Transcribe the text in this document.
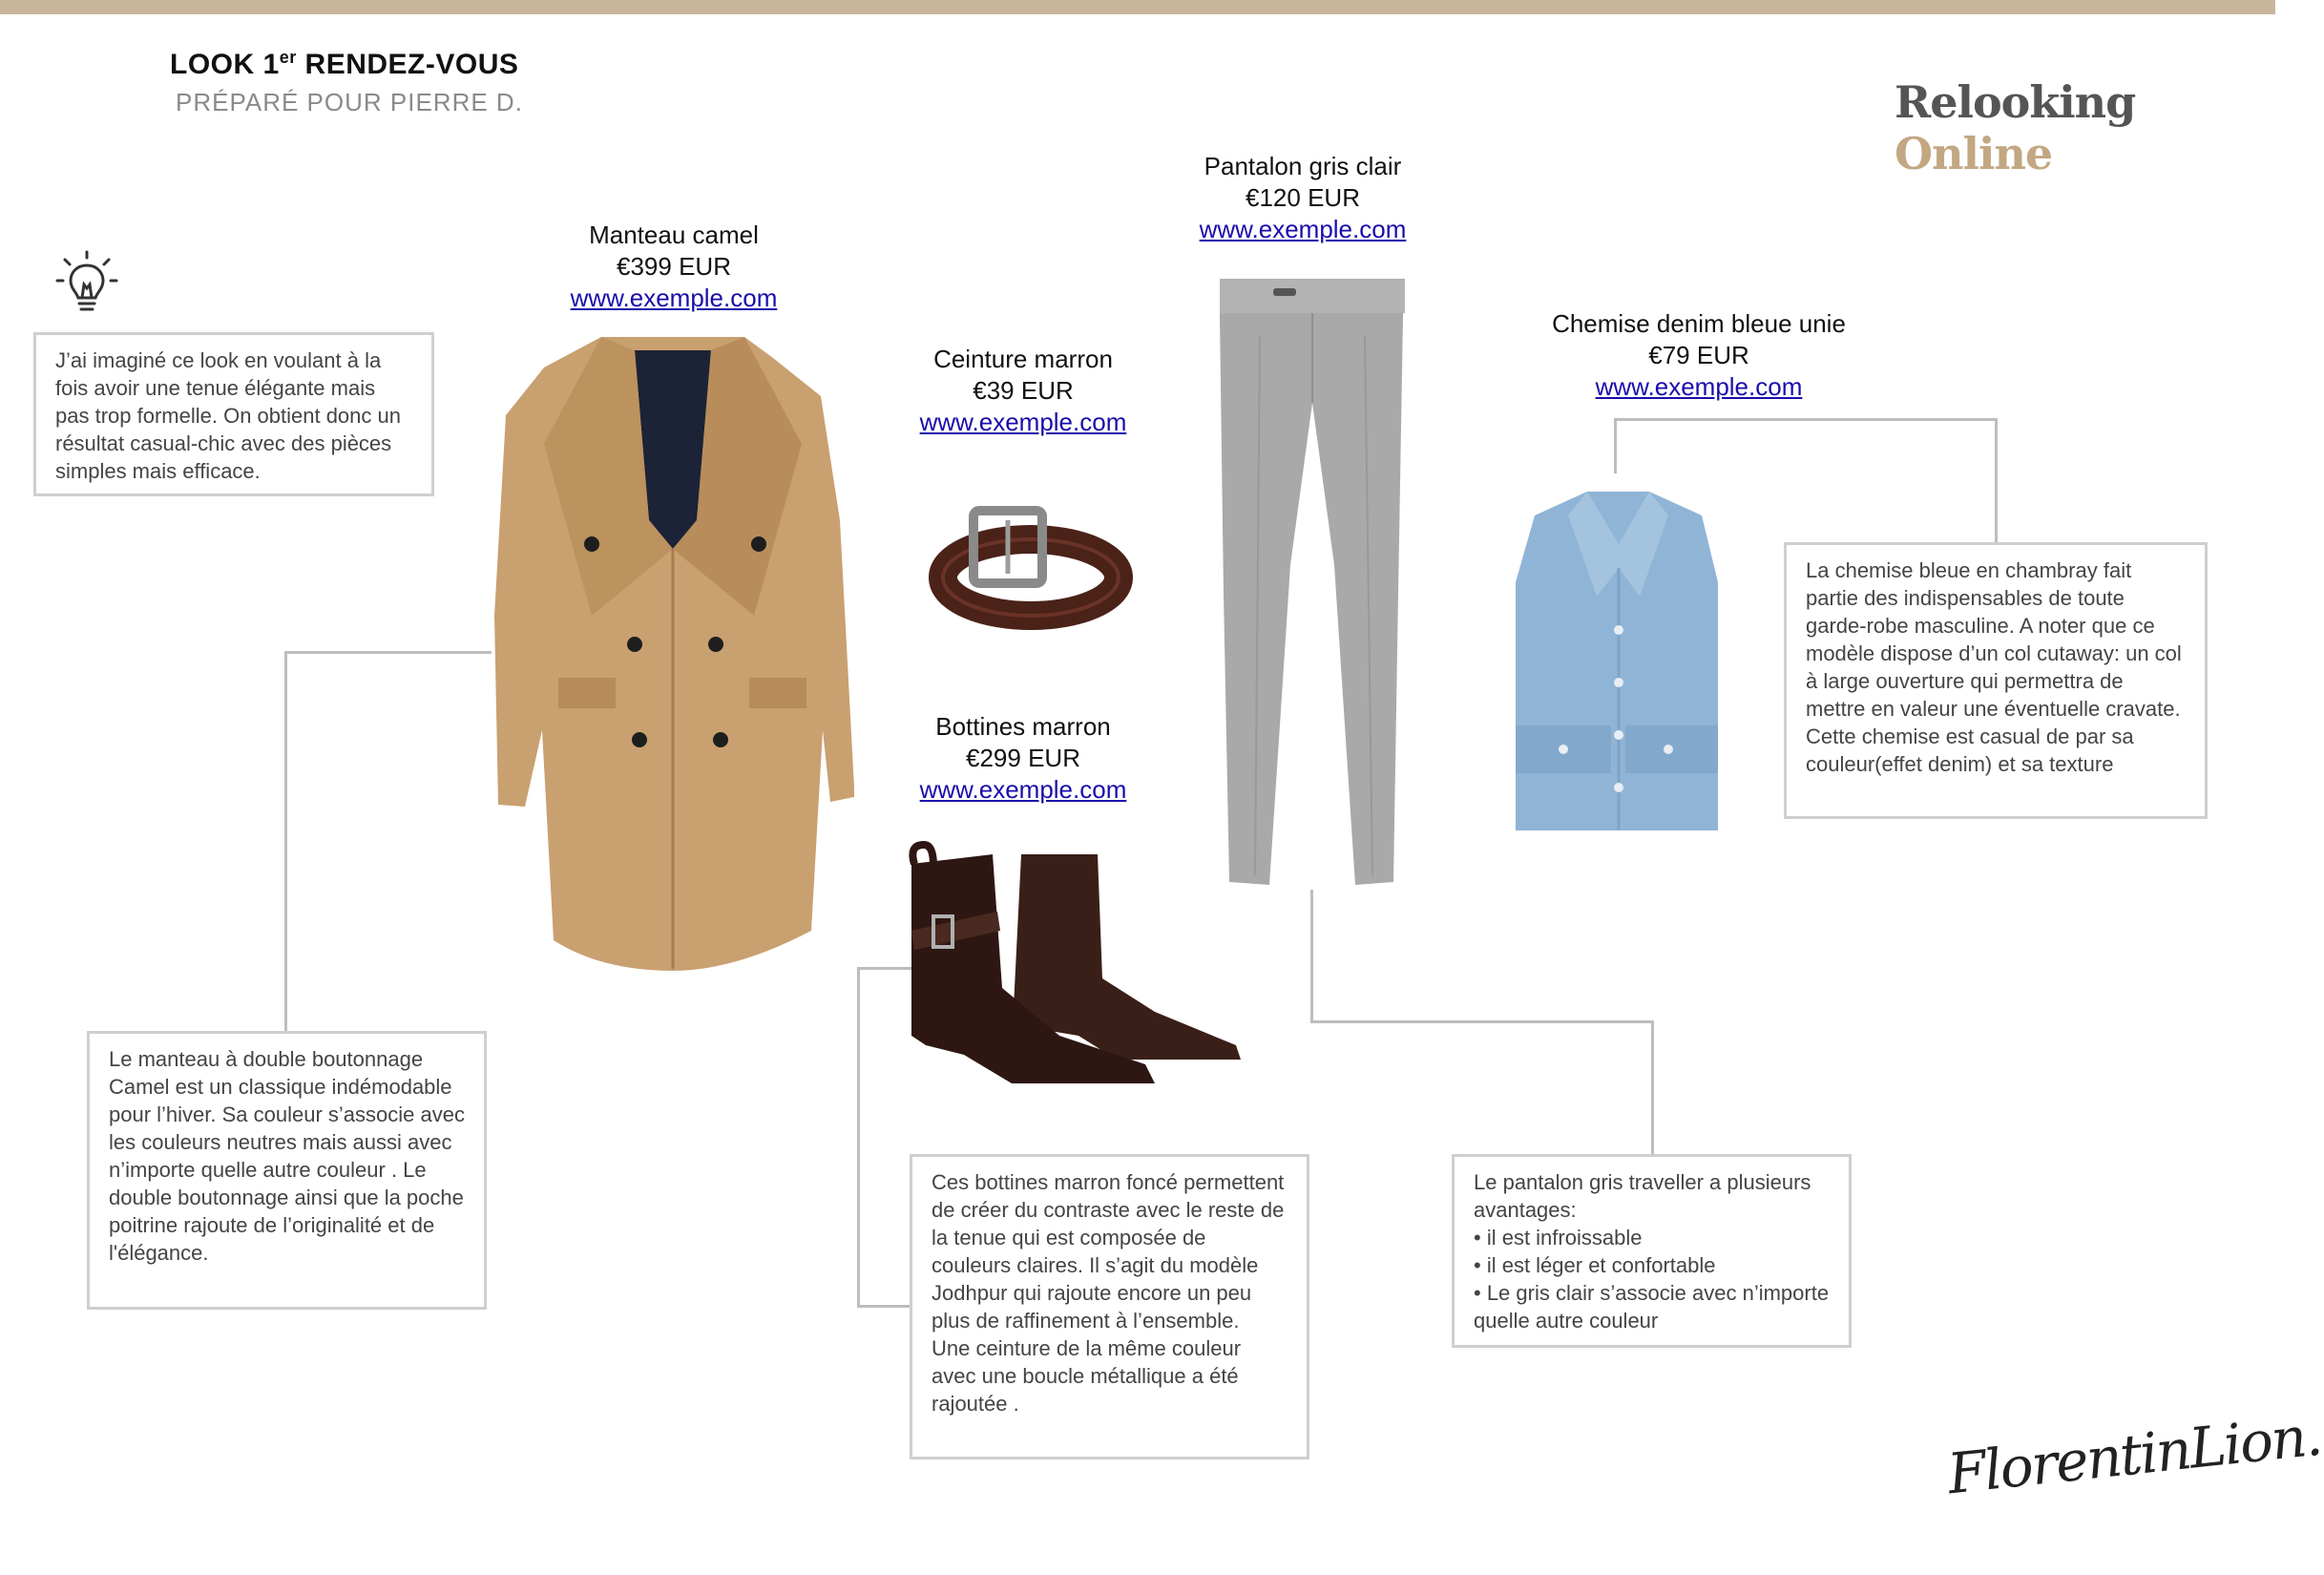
LOOK 1er RENDEZ-VOUS
PRÉPARÉ POUR PIERRE D.	Relooking Online
J’ai imaginé ce look en voulant à la fois avoir une tenue élégante mais pas trop formelle. On obtient donc un résultat casual-chic avec des pièces simples mais efficace.
Manteau camel
€399 EUR
www.exemple.com
Le manteau à double boutonnage Camel est un classique indémodable pour l’hiver. Sa couleur s’associe avec les couleurs neutres mais aussi avec n’importe quelle autre couleur . Le double boutonnage ainsi que la poche poitrine rajoute de l’originalité et de l'élégance.
Ceinture marron
€39 EUR
www.exemple.com
Bottines marron
€299 EUR
www.exemple.com
Ces bottines marron foncé permettent de créer du contraste avec le reste de la tenue qui est composée de couleurs claires. Il s’agit du modèle Jodhpur qui rajoute encore un peu plus de raffinement à l’ensemble.
Une ceinture de la même couleur avec une boucle métallique a été rajoutée .
Pantalon gris clair
€120 EUR
www.exemple.com
Le pantalon gris traveller a plusieurs avantages:
• il est infroissable
• il est léger et confortable
• Le gris clair s’associe avec n’importe quelle autre couleur
Chemise denim bleue unie
€79 EUR
www.exemple.com
La chemise bleue en chambray fait partie des indispensables de toute garde-robe masculine. A noter que ce modèle dispose d’un col cutaway: un col à large ouverture qui permettra de mettre en valeur une éventuelle cravate. Cette chemise est casual de par sa couleur(effet denim) et sa texture
FlorentinLion.
